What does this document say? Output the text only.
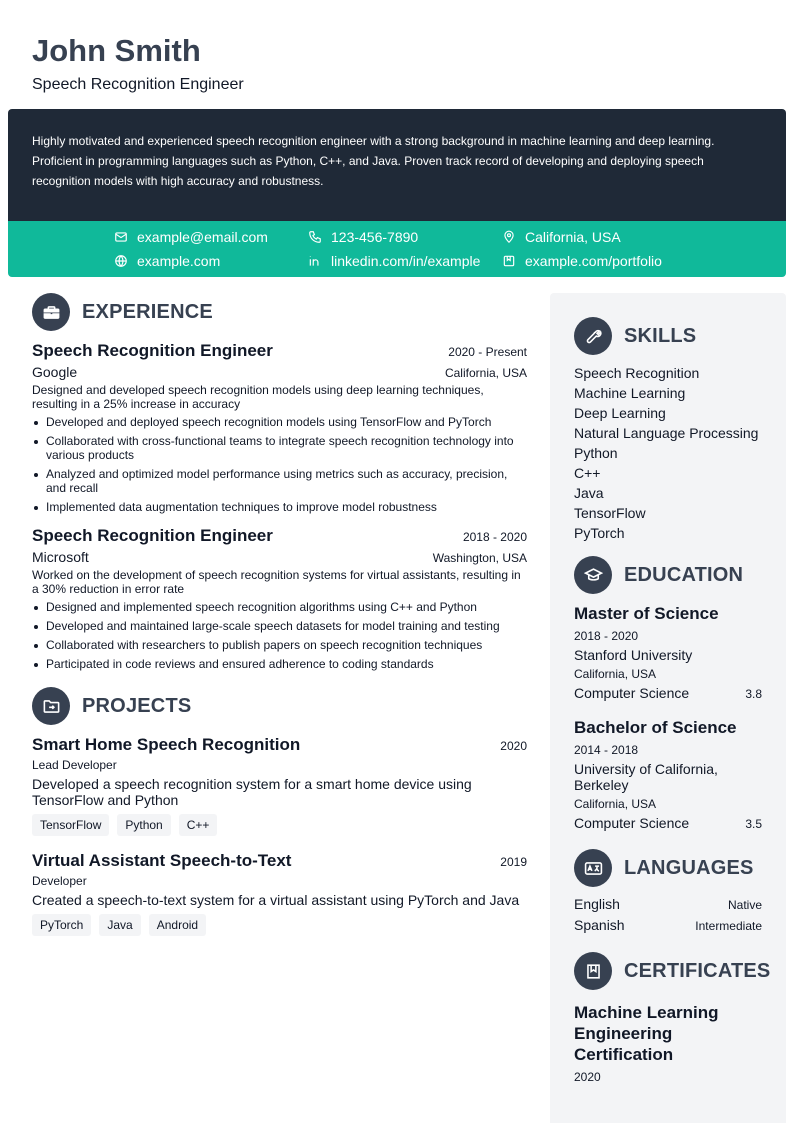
John Smith
Speech Recognition Engineer
Highly motivated and experienced speech recognition engineer with a strong background in machine learning and deep learning. Proficient in programming languages such as Python, C++, and Java. Proven track record of developing and deploying speech recognition models with high accuracy and robustness.
example@email.com	123-456-7890	California, USA
example.com	linkedin.com/in/example	example.com/portfolio
EXPERIENCE
Speech Recognition Engineer	2020 - Present
Google	California, USA
Designed and developed speech recognition models using deep learning techniques, resulting in a 25% increase in accuracy
Developed and deployed speech recognition models using TensorFlow and PyTorch
Collaborated with cross-functional teams to integrate speech recognition technology into various products
Analyzed and optimized model performance using metrics such as accuracy, precision, and recall
Implemented data augmentation techniques to improve model robustness
Speech Recognition Engineer	2018 - 2020
Microsoft	Washington, USA
Worked on the development of speech recognition systems for virtual assistants, resulting in a 30% reduction in error rate
Designed and implemented speech recognition algorithms using C++ and Python
Developed and maintained large-scale speech datasets for model training and testing
Collaborated with researchers to publish papers on speech recognition techniques
Participated in code reviews and ensured adherence to coding standards
PROJECTS
Smart Home Speech Recognition	2020
Lead Developer
Developed a speech recognition system for a smart home device using TensorFlow and Python
TensorFlow	Python	C++
Virtual Assistant Speech-to-Text	2019
Developer
Created a speech-to-text system for a virtual assistant using PyTorch and Java
PyTorch	Java	Android
SKILLS
Speech Recognition
Machine Learning
Deep Learning
Natural Language Processing
Python
C++
Java
TensorFlow
PyTorch
EDUCATION
Master of Science
2018 - 2020
Stanford University
California, USA
Computer Science	3.8
Bachelor of Science
2014 - 2018
University of California, Berkeley
California, USA
Computer Science	3.5
LANGUAGES
English	Native
Spanish	Intermediate
CERTIFICATES
Machine Learning Engineering Certification
2020
